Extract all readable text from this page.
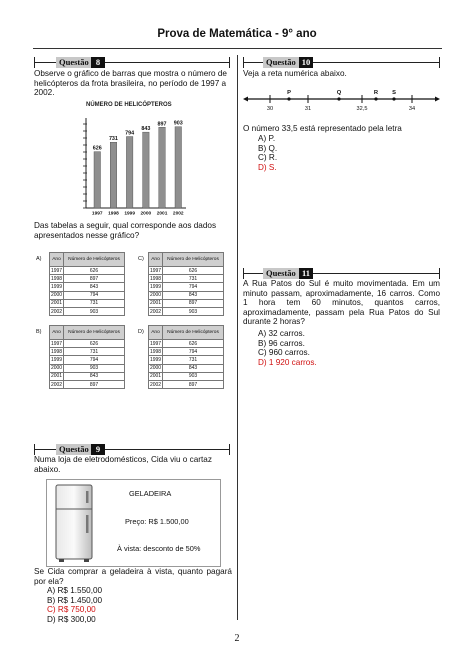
Prova de Matemática - 9° ano
Questão 8
Observe o gráfico de barras que mostra o número de helicópteros da frota brasileira, no período de 1997 a 2002.
NÚMERO DE HELICÓPTEROS
626
1997
731
1998
794
1999
843
2000
897
2001
903
2002
Das tabelas a seguir, qual corresponde aos dados apresentados nesse gráfico?
A) Ano	Número de Helicópteros
1997	626
1998	897
1999	843
2000	794
2001	731
2002	903
C) Ano	Número de Helicópteros
1997	626
1998	731
1999	794
2000	843
2001	897
2002	903
B) Ano	Número de Helicópteros
1997	626
1998	731
1999	794
2000	903
2001	843
2002	897
D) Ano	Número de Helicópteros
1997	626
1998	794
1999	731
2000	843
2001	903
2002	897
Questão 9
Numa loja de eletrodomésticos, Cida viu o cartaz abaixo.
GELADEIRA
Preço: R$ 1.500,00
À vista: desconto de 50%
Se Cida comprar a geladeira à vista, quanto pagará por ela?
A) R$ 1.550,00
B) R$ 1.450,00
C) R$ 750,00
D) R$ 300,00
Questão 10
Veja a reta numérica abaixo.
30	31	32,5	34
P	Q	R S
O número 33,5 está representado pela letra
A) P.
B) Q.
C) R.
D) S.
Questão 11
A Rua Patos do Sul é muito movimentada. Em um minuto passam, aproximadamente, 16 carros. Como 1 hora tem 60 minutos, quantos carros, aproximadamente, passam pela Rua Patos do Sul durante 2 horas?
A) 32 carros.
B) 96 carros.
C) 960 carros.
D) 1 920 carros.
2
